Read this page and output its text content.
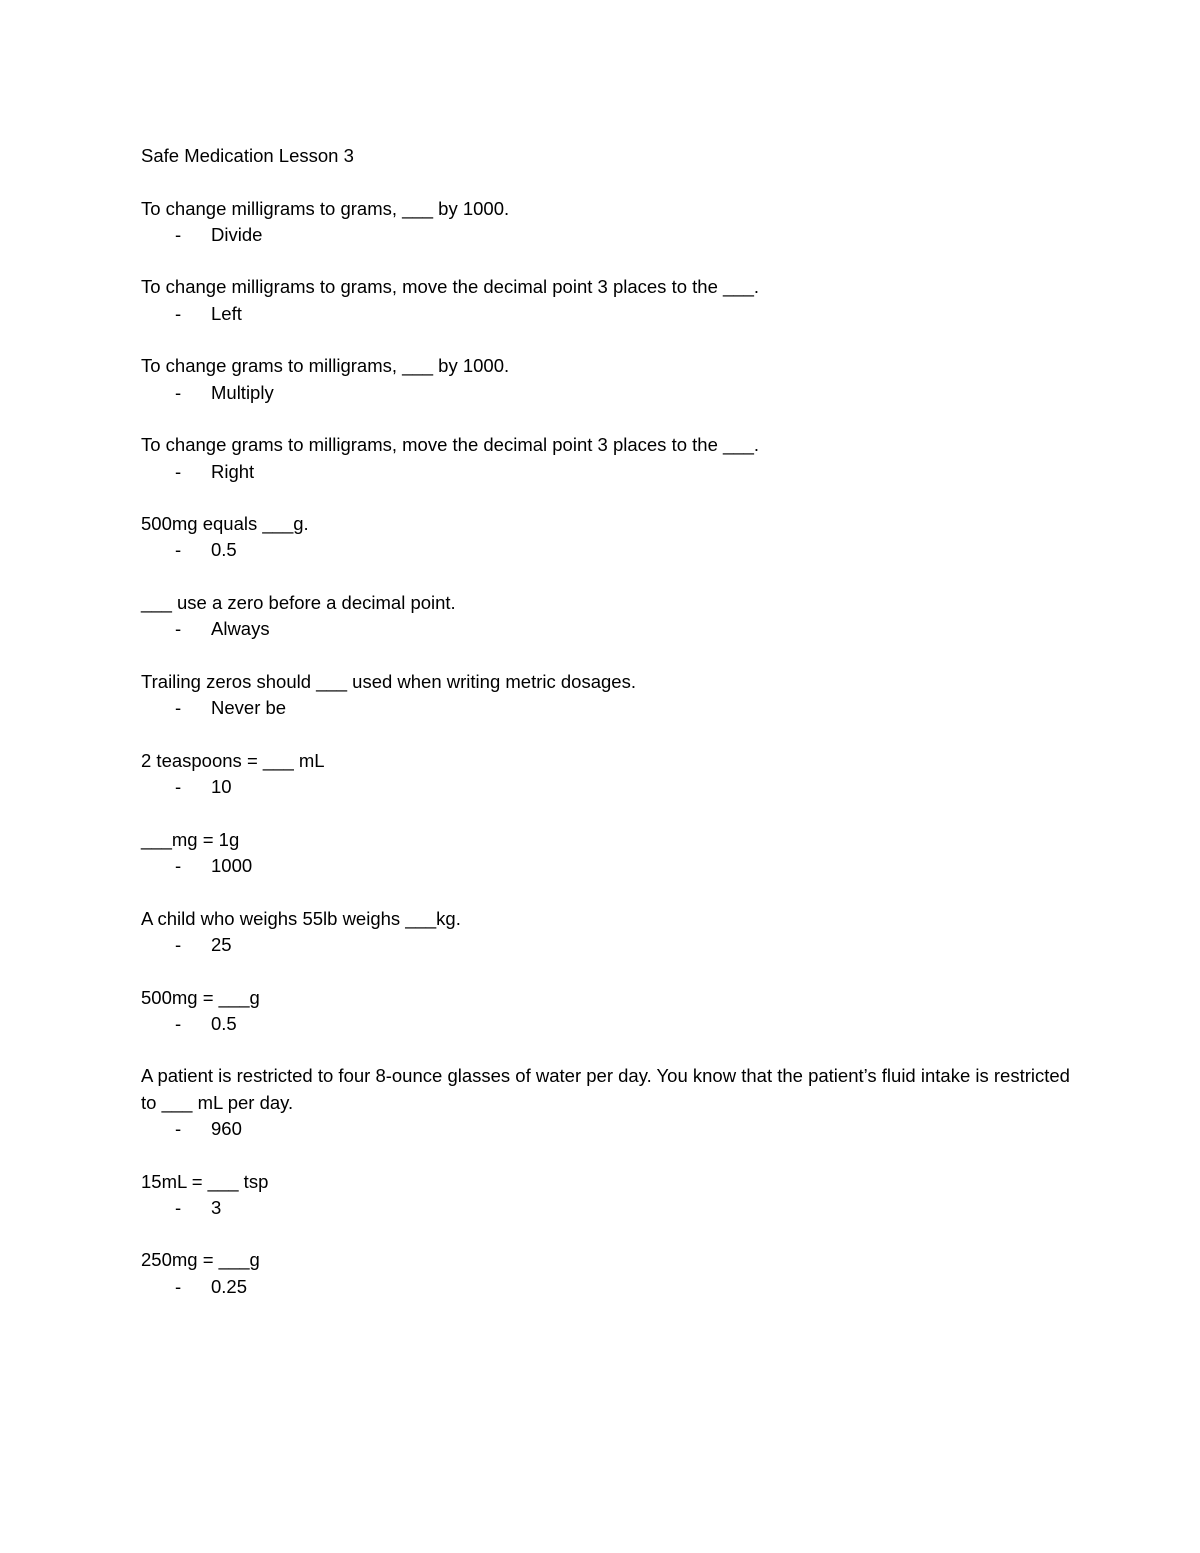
Safe Medication Lesson 3

To change milligrams to grams, ___ by 1000.

-	Divide

To change milligrams to grams, move the decimal point 3 places to the ___.

-	Left

To change grams to milligrams, ___ by 1000.

-	Multiply

To change grams to milligrams, move the decimal point 3 places to the ___.

-	Right

500mg equals ___g.

-	0.5

___ use a zero before a decimal point.

-	Always

Trailing zeros should ___ used when writing metric dosages.

-	Never be

2 teaspoons = ___ mL

-	10

___mg = 1g

-	1000

A child who weighs 55lb weighs ___kg.

-	25

500mg = ___g

-	0.5

A patient is restricted to four 8-ounce glasses of water per day. You know that the patient’s fluid intake is restricted to ___ mL per day.

-	960

15mL = ___ tsp

-	3

250mg = ___g

-	0.25
